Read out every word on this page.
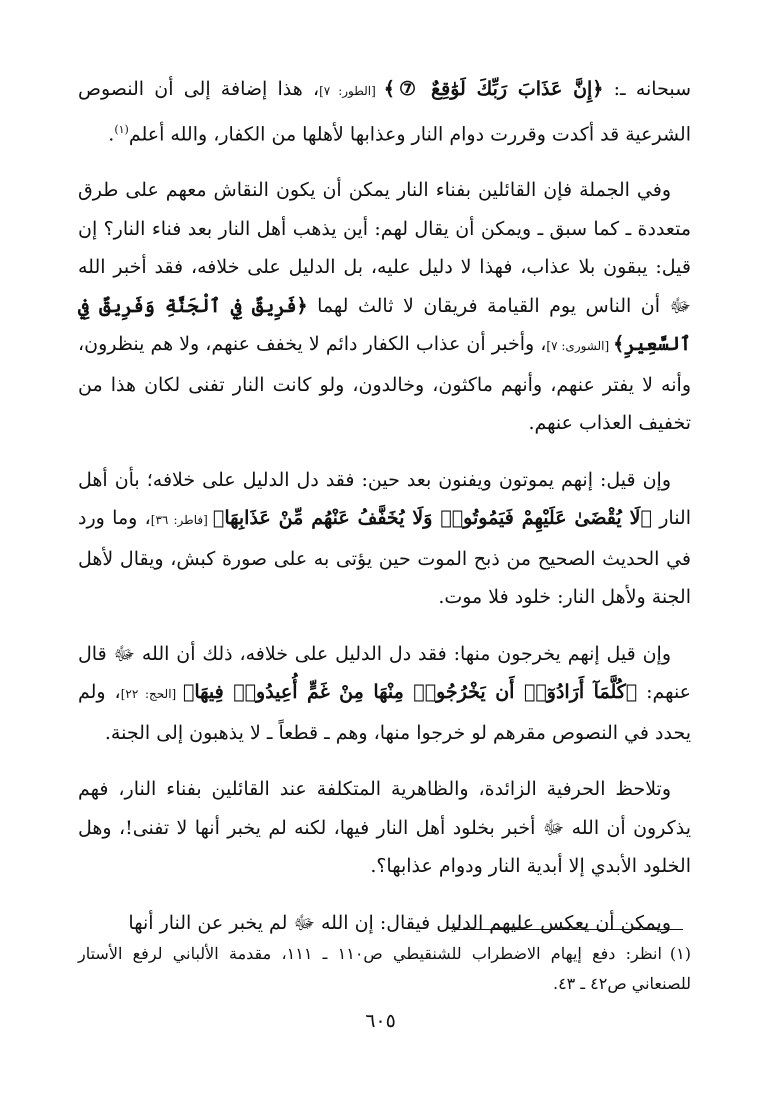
سبحانه ـ: ﴿إِنَّ عَذَابَ رَبِّكَ لَوَٰقِعٌ ⑦﴾ [الطور: ٧]، هذا إضافة إلى أن النصوص الشرعية قد أكدت وقررت دوام النار وعذابها لأهلها من الكفار، والله أعلم$^{(١)}$.

وفي الجملة فإن القائلين بفناء النار يمكن أن يكون النقاش معهم على طرق متعددة ـ كما سبق ـ ويمكن أن يقال لهم: أين يذهب أهل النار بعد فناء النار؟ إن قيل: يبقون بلا عذاب، فهذا لا دليل عليه، بل الدليل على خلافه، فقد أخبر الله ﷻ أن الناس يوم القيامة فريقان لا ثالث لهما ﴿فَرِيقٌ فِي ٱلْجَنَّةِ وَفَرِيقٌ فِي ٱلسَّعِيرِ﴾ [الشورى: ٧]، وأخبر أن عذاب الكفار دائم لا يخفف عنهم، ولا هم ينظرون، وأنه لا يفتر عنهم، وأنهم ماكثون، وخالدون، ولو كانت النار تفنى لكان هذا من تخفيف العذاب عنهم.

وإن قيل: إنهم يموتون ويفنون بعد حين: فقد دل الدليل على خلافه؛ بأن أهل النار ﴿لَا يُقْضَىٰ عَلَيْهِمْ فَيَمُوتُوا۟ وَلَا يُخَفَّفُ عَنْهُم مِّنْ عَذَابِهَا﴾ [فاطر: ٣٦]، وما ورد في الحديث الصحيح من ذبح الموت حين يؤتى به على صورة كبش، ويقال لأهل الجنة ولأهل النار: خلود فلا موت.

وإن قيل إنهم يخرجون منها: فقد دل الدليل على خلافه، ذلك أن الله ﷻ قال عنهم: ﴿كُلَّمَآ أَرَادُوٓا۟ أَن يَخْرُجُوا۟ مِنْهَا مِنْ غَمٍّ أُعِيدُوا۟ فِيهَا﴾ [الحج: ٢٢]، ولم يحدد في النصوص مقرهم لو خرجوا منها، وهم ـ قطعاً ـ لا يذهبون إلى الجنة.

وتلاحظ الحرفية الزائدة، والظاهرية المتكلفة عند القائلين بفناء النار، فهم يذكرون أن الله ﷻ أخبر بخلود أهل النار فيها، لكنه لم يخبر أنها لا تفنى!، وهل الخلود الأبدي إلا أبدية النار ودوام عذابها؟.

ويمكن أن يعكس عليهم الدليل فيقال: إن الله ﷻ لم يخبر عن النار أنها

(١)انظر: دفع إيهام الاضطراب للشنقيطي ص١١٠ ـ ١١١، مقدمة الألباني لرفع الأستار للصنعاني ص٤٢ ـ ٤٣.
٦٠٥
